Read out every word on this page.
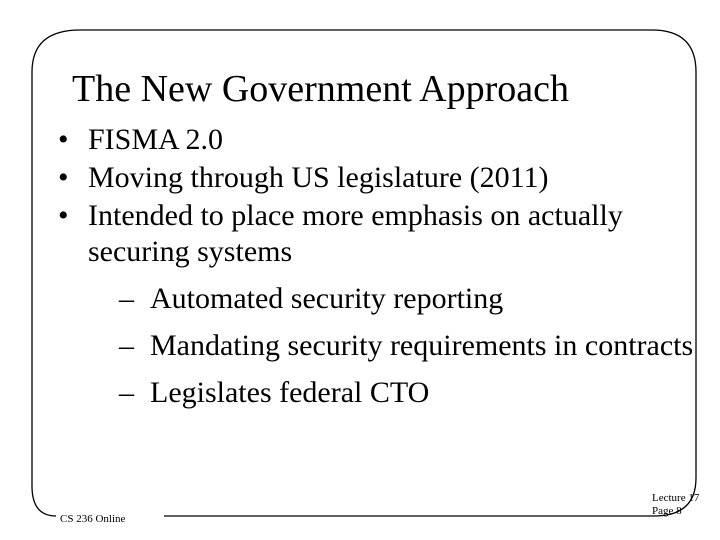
The New Government Approach
• FISMA 2.0
• Moving through US legislature (2011)
• Intended to place more emphasis on actually securing systems
– Automated security reporting
– Mandating security requirements in contracts
– Legislates federal CTO
CS 236 Online
Lecture 17
Page 8
